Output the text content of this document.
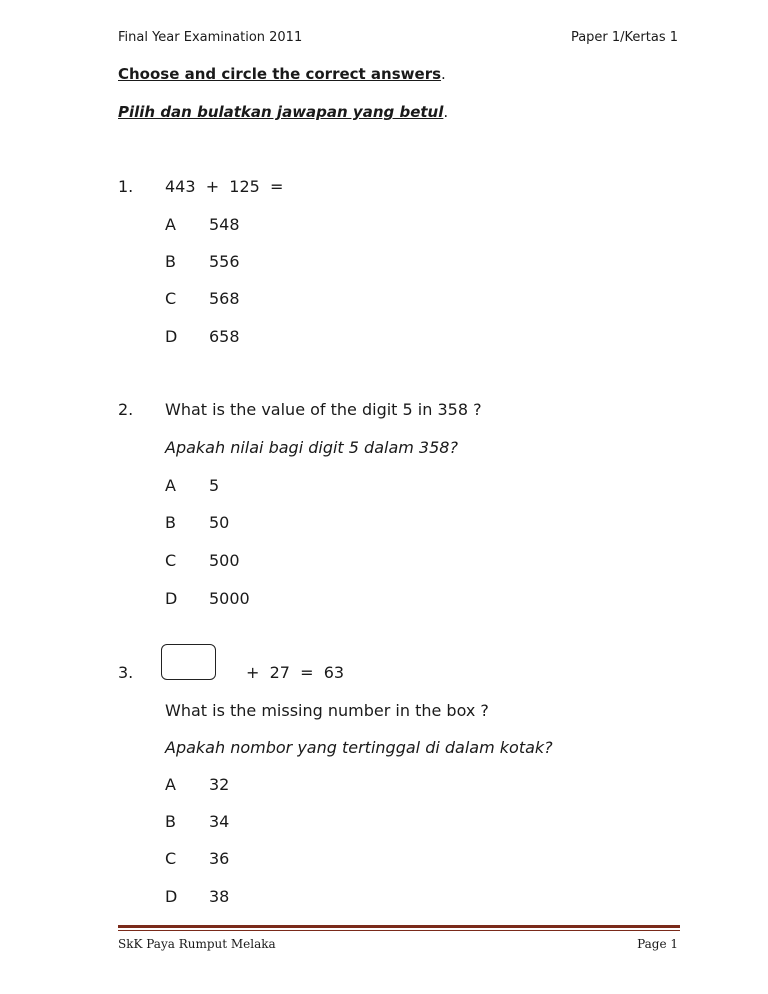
Final Year Examination 2011	Paper 1/Kertas 1
Choose and circle the correct answers.
Pilih dan bulatkan jawapan yang betul.
1. 443  +  125  =
A 548
B 556
C 568
D 658
2. What is the value of the digit 5 in 358 ?
Apakah nilai bagi digit 5 dalam 358?
A 5
B 50
C 500
D 5000
3.	+  27  =  63
What is the missing number in the box ?
Apakah nombor yang tertinggal di dalam kotak?
A 32
B 34
C 36
D 38
SkK Paya Rumput Melaka	Page 1
